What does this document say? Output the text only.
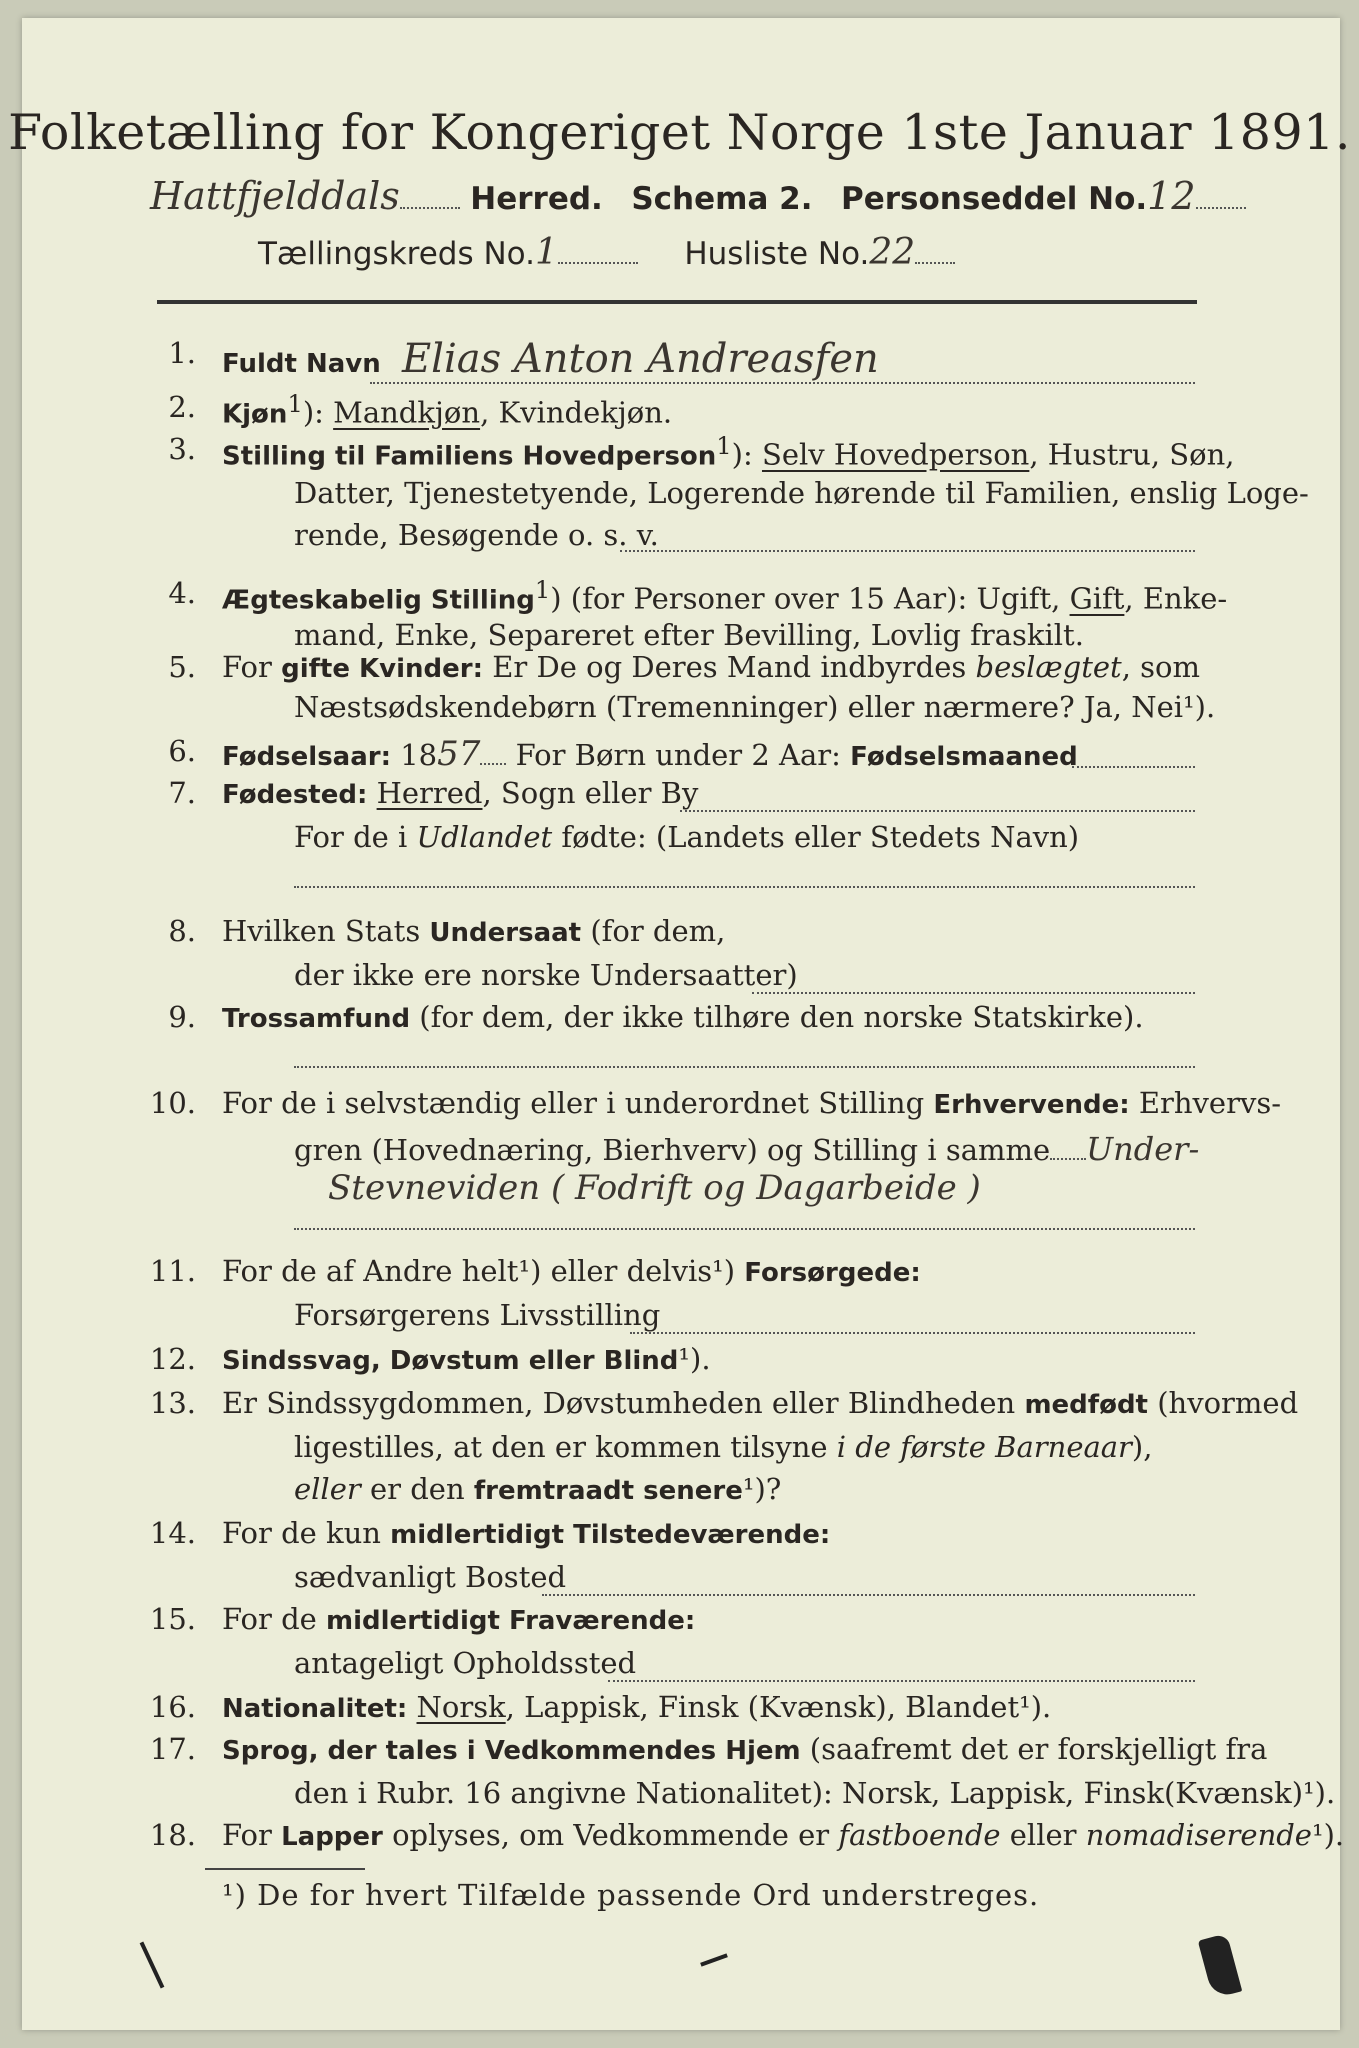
Folketælling for Kongeriget Norge 1ste Januar 1891.
Hattfjelddals Herred. Schema 2. Personseddel No.12
Tællingskreds No.1	Husliste No.22
1. Fuldt Navn Elias Anton Andreasfen
2. Kjøn$^1$): Mandkjøn, Kvindekjøn.
3. Stilling til Familiens Hovedperson$^1$): Selv Hovedperson, Hustru, Søn,
Datter, Tjenestetyende, Logerende hørende til Familien, enslig Loge-
rende, Besøgende o. s. v.
4. Ægteskabelig Stilling$^1$) (for Personer over 15 Aar): Ugift, Gift, Enke-
mand, Enke, Separeret efter Bevilling, Lovlig fraskilt.
5. For gifte Kvinder: Er De og Deres Mand indbyrdes beslægtet, som
Næstsødskendebørn (Tremenninger) eller nærmere? Ja, Nei¹).
6. Fødselsaar: 1857 For Børn under 2 Aar: Fødselsmaaned
7. Fødested: Herred, Sogn eller By
For de i Udlandet fødte: (Landets eller Stedets Navn)
8. Hvilken Stats Undersaat (for dem,
der ikke ere norske Undersaatter)
9. Trossamfund (for dem, der ikke tilhøre den norske Statskirke).
10. For de i selvstændig eller i underordnet Stilling Erhvervende: Erhvervs-
gren (Hovednæring, Bierhverv) og Stilling i samme Under-
Stevneviden ( Fodrift og Dagarbeide )
11. For de af Andre helt¹) eller delvis¹) Forsørgede:
Forsørgerens Livsstilling
12. Sindssvag, Døvstum eller Blind¹).
13. Er Sindssygdommen, Døvstumheden eller Blindheden medfødt (hvormed
ligestilles, at den er kommen tilsyne i de første Barneaar),
eller er den fremtraadt senere¹)?
14. For de kun midlertidigt Tilstedeværende:
sædvanligt Bosted
15. For de midlertidigt Fraværende:
antageligt Opholdssted
16. Nationalitet: Norsk, Lappisk, Finsk (Kvænsk), Blandet¹).
17. Sprog, der tales i Vedkommendes Hjem (saafremt det er forskjelligt fra
den i Rubr. 16 angivne Nationalitet): Norsk, Lappisk, Finsk(Kvænsk)¹).
18. For Lapper oplyses, om Vedkommende er fastboende eller nomadiserende¹).
¹) De for hvert Tilfælde passende Ord understreges.
